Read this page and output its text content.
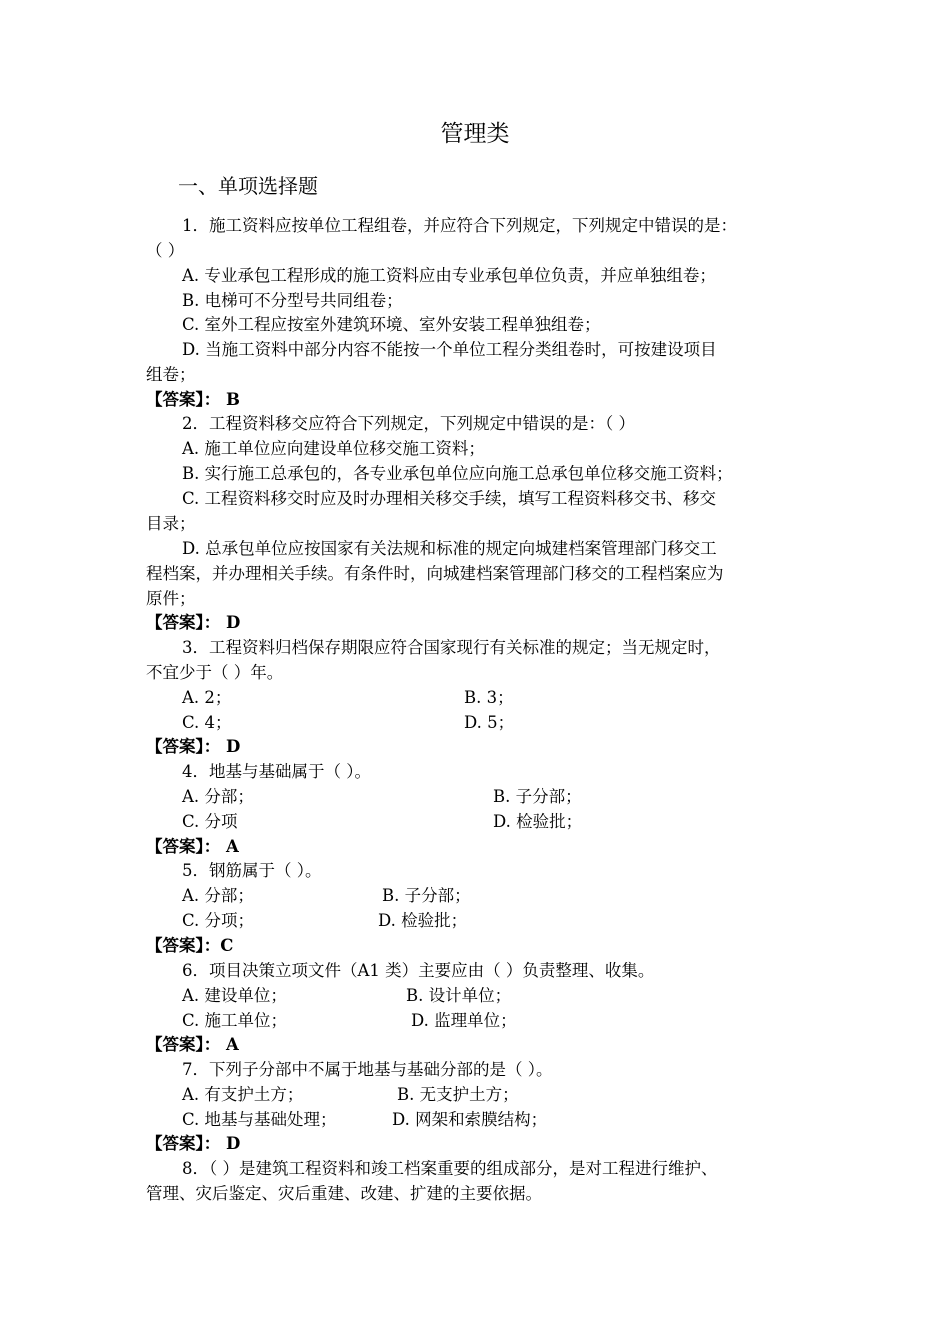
管理类
一、单项选择题
1．施工资料应按单位工程组卷，并应符合下列规定，下列规定中错误的是：
（ ）
A. 专业承包工程形成的施工资料应由专业承包单位负责，并应单独组卷；
B. 电梯可不分型号共同组卷；
C. 室外工程应按室外建筑环境、室外安装工程单独组卷；
D. 当施工资料中部分内容不能按一个单位工程分类组卷时，可按建设项目
组卷；
【答案】： B
2．工程资料移交应符合下列规定，下列规定中错误的是：（ ）
A. 施工单位应向建设单位移交施工资料；
B. 实行施工总承包的，各专业承包单位应向施工总承包单位移交施工资料；
C. 工程资料移交时应及时办理相关移交手续，填写工程资料移交书、移交
目录；
D. 总承包单位应按国家有关法规和标准的规定向城建档案管理部门移交工
程档案，并办理相关手续。有条件时，向城建档案管理部门移交的工程档案应为
原件；
【答案】： D
3．工程资料归档保存期限应符合国家现行有关标准的规定；当无规定时，
不宜少于（ ）年。
A. 2；	B. 3；
C. 4；	D. 5；
【答案】： D
4．地基与基础属于（ ）。
A. 分部；	B. 子分部；
C. 分项	D. 检验批；
【答案】： A
5．钢筋属于（ ）。
A. 分部；	B. 子分部；
C. 分项；	D. 检验批；
【答案】：C
6．项目决策立项文件（A1 类）主要应由（ ）负责整理、收集。
A. 建设单位；	B. 设计单位；
C. 施工单位；	D. 监理单位；
【答案】： A
7．下列子分部中不属于地基与基础分部的是（ ）。
A. 有支护土方；	B. 无支护土方；
C. 地基与基础处理；	D. 网架和索膜结构；
【答案】： D
8．（ ）是建筑工程资料和竣工档案重要的组成部分，是对工程进行维护、
管理、灾后鉴定、灾后重建、改建、扩建的主要依据。
